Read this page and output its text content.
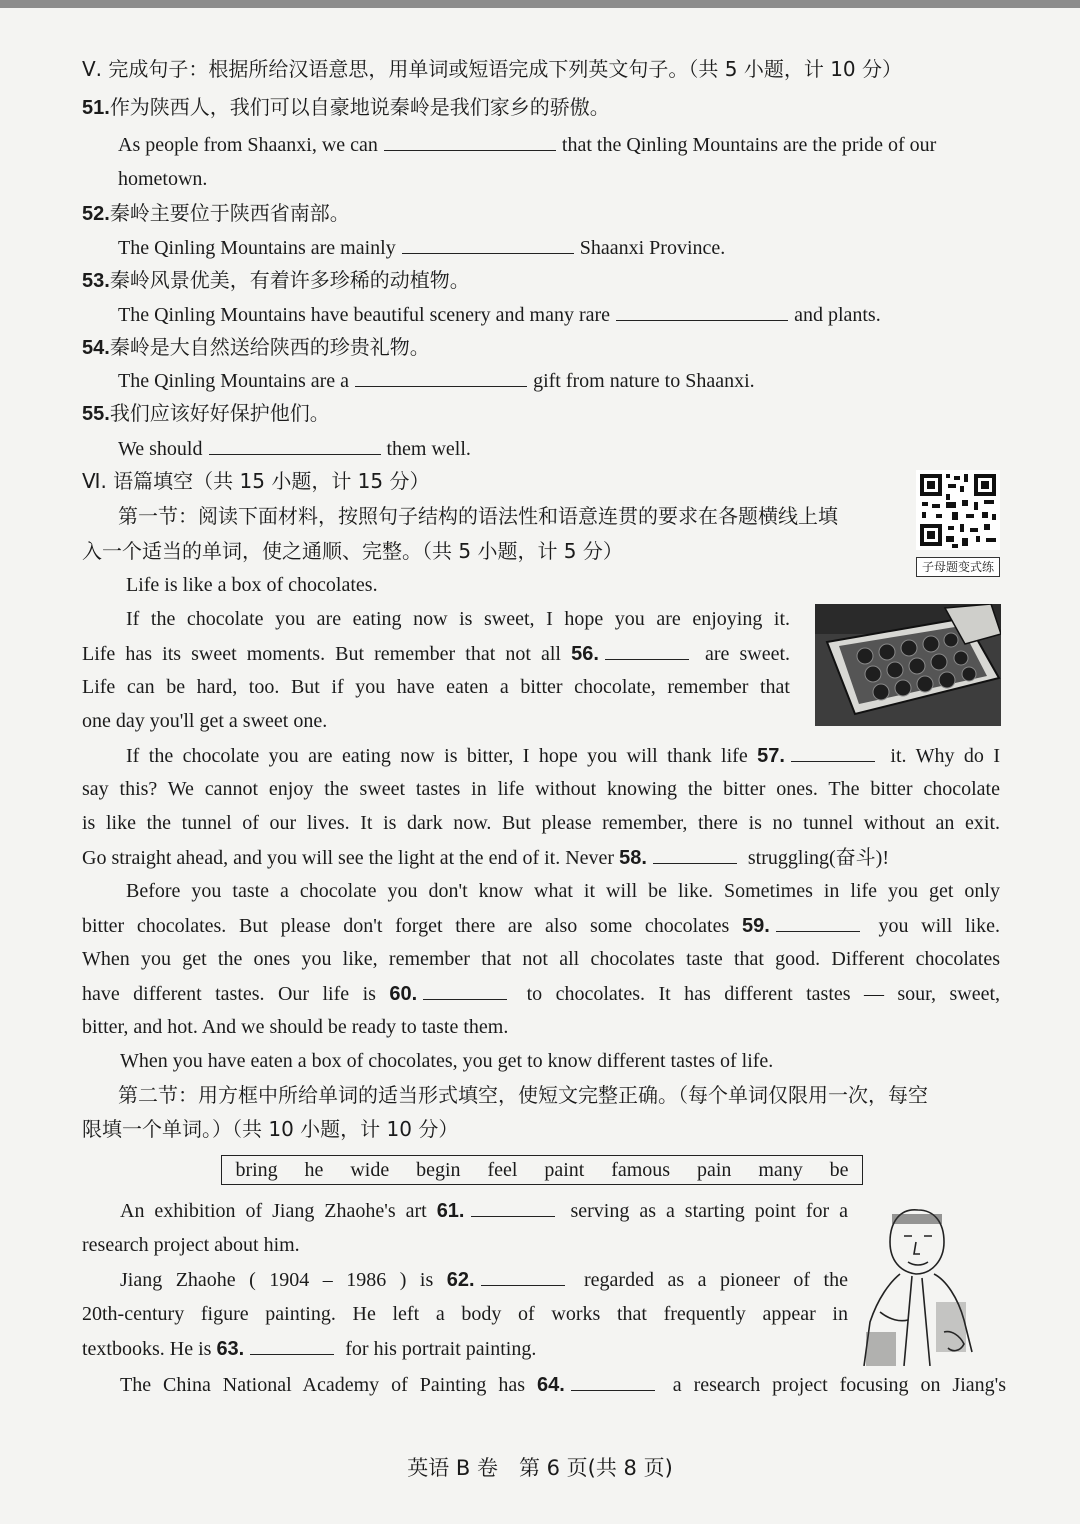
Ⅴ. 完成句子：根据所给汉语意思，用单词或短语完成下列英文句子。（共 5 小题，计 10 分）
51.作为陕西人，我们可以自豪地说秦岭是我们家乡的骄傲。
As people from Shaanxi, we can	that the Qinling Mountains are the pride of our
hometown.
52.秦岭主要位于陕西省南部。
The Qinling Mountains are mainly	Shaanxi Province.
53.秦岭风景优美，有着许多珍稀的动植物。
The Qinling Mountains have beautiful scenery and many rare	and plants.
54.秦岭是大自然送给陕西的珍贵礼物。
The Qinling Mountains are a	gift from nature to Shaanxi.
55.我们应该好好保护他们。
We should	them well.
Ⅵ. 语篇填空（共 15 小题，计 15 分）
第一节：阅读下面材料，按照句子结构的语法性和语意连贯的要求在各题横线上填
入一个适当的单词，使之通顺、完整。（共 5 小题，计 5 分）
子母题变式练
Life is like a box of chocolates.
If the chocolate you are eating now is sweet, I hope you are enjoying it.
Life has its sweet moments. But remember that not all 56.	are sweet.
Life can be hard, too. But if you have eaten a bitter chocolate, remember that
one day you'll get a sweet one.
If the chocolate you are eating now is bitter, I hope you will thank life 57.	it. Why do I
say this? We cannot enjoy the sweet tastes in life without knowing the bitter ones. The bitter chocolate
is like the tunnel of our lives. It is dark now. But please remember, there is no tunnel without an exit.
Go straight ahead, and you will see the light at the end of it. Never 58.	struggling(奋斗)!
Before you taste a chocolate you don't know what it will be like. Sometimes in life you get only
bitter chocolates. But please don't forget there are also some chocolates 59.	you will like.
When you get the ones you like, remember that not all chocolates taste that good. Different chocolates
have different tastes. Our life is 60.	to chocolates. It has different tastes — sour, sweet,
bitter, and hot. And we should be ready to taste them.
When you have eaten a box of chocolates, you get to know different tastes of life.
第二节：用方框中所给单词的适当形式填空，使短文完整正确。（每个单词仅限用一次，每空
限填一个单词。）（共 10 小题，计 10 分）
bring he wide begin feel paint famous pain many be
An exhibition of Jiang Zhaohe's art 61.	serving as a starting point for a
research project about him.
Jiang Zhaohe ( 1904 – 1986 ) is 62.	regarded as a pioneer of the
20th-century figure painting. He left a body of works that frequently appear in
textbooks. He is 63.	for his portrait painting.
The China National Academy of Painting has 64.	a research project focusing on Jiang's
英语 B 卷　第 6 页(共 8 页)
